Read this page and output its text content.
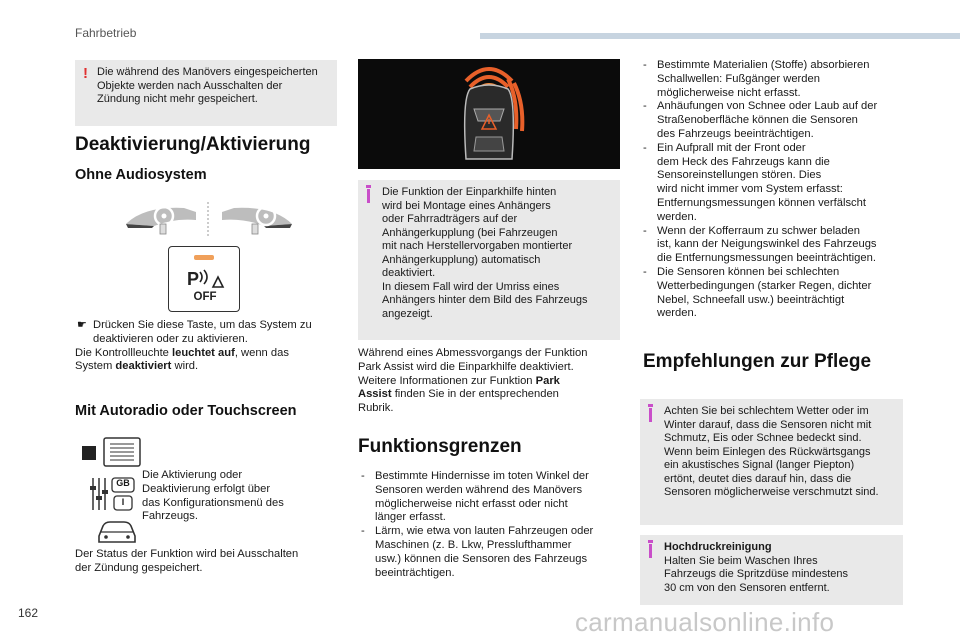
Fahrbetrieb
! Die während des Manövers eingespeicherten
Objekte werden nach Ausschalten der
Zündung nicht mehr gespeichert.
Deaktivierung/Aktivierung
Ohne Audiosystem
P
OFF
☛ Drücken Sie diese Taste, um das System zu
deaktivieren oder zu aktivieren.
Die Kontrollleuchte leuchtet auf, wenn das
System deaktiviert wird.
Mit Autoradio oder Touchscreen
GB
I
Die Aktivierung oder
Deaktivierung erfolgt über
das Konfigurationsmenü des
Fahrzeugs.
Der Status der Funktion wird bei Ausschalten
der Zündung gespeichert.
Die Funktion der Einparkhilfe hinten
wird bei Montage eines Anhängers
oder Fahrradträgers auf der
Anhängerkupplung (bei Fahrzeugen
mit nach Herstellervorgaben montierter
Anhängerkupplung) automatisch
deaktiviert.
In diesem Fall wird der Umriss eines
Anhängers hinter dem Bild des Fahrzeugs
angezeigt.
Während eines Abmessvorgangs der Funktion
Park Assist wird die Einparkhilfe deaktiviert.
Weitere Informationen zur Funktion Park
Assist finden Sie in der entsprechenden
Rubrik.
Funktionsgrenzen
- Bestimmte Hindernisse im toten Winkel der
Sensoren werden während des Manövers
möglicherweise nicht erfasst oder nicht
länger erfasst.
- Lärm, wie etwa von lauten Fahrzeugen oder
Maschinen (z. B. Lkw, Presslufthammer
usw.) können die Sensoren des Fahrzeugs
beeinträchtigen.
- Bestimmte Materialien (Stoffe) absorbieren
Schallwellen: Fußgänger werden
möglicherweise nicht erfasst.
- Anhäufungen von Schnee oder Laub auf der
Straßenoberfläche können die Sensoren
des Fahrzeugs beeinträchtigen.
- Ein Aufprall mit der Front oder
dem Heck des Fahrzeugs kann die
Sensoreinstellungen stören. Dies
wird nicht immer vom System erfasst:
Entfernungsmessungen können verfälscht
werden.
- Wenn der Kofferraum zu schwer beladen
ist, kann der Neigungswinkel des Fahrzeugs
die Entfernungsmessungen beeinträchtigen.
- Die Sensoren können bei schlechten
Wetterbedingungen (starker Regen, dichter
Nebel, Schneefall usw.) beeinträchtigt
werden.
Empfehlungen zur Pflege
Achten Sie bei schlechtem Wetter oder im
Winter darauf, dass die Sensoren nicht mit
Schmutz, Eis oder Schnee bedeckt sind.
Wenn beim Einlegen des Rückwärtsgangs
ein akustisches Signal (langer Piepton)
ertönt, deutet dies darauf hin, dass die
Sensoren möglicherweise verschmutzt sind.
Hochdruckreinigung
Halten Sie beim Waschen Ihres
Fahrzeugs die Spritzdüse mindestens
30 cm von den Sensoren entfernt.
162	carmanualsonline.info
